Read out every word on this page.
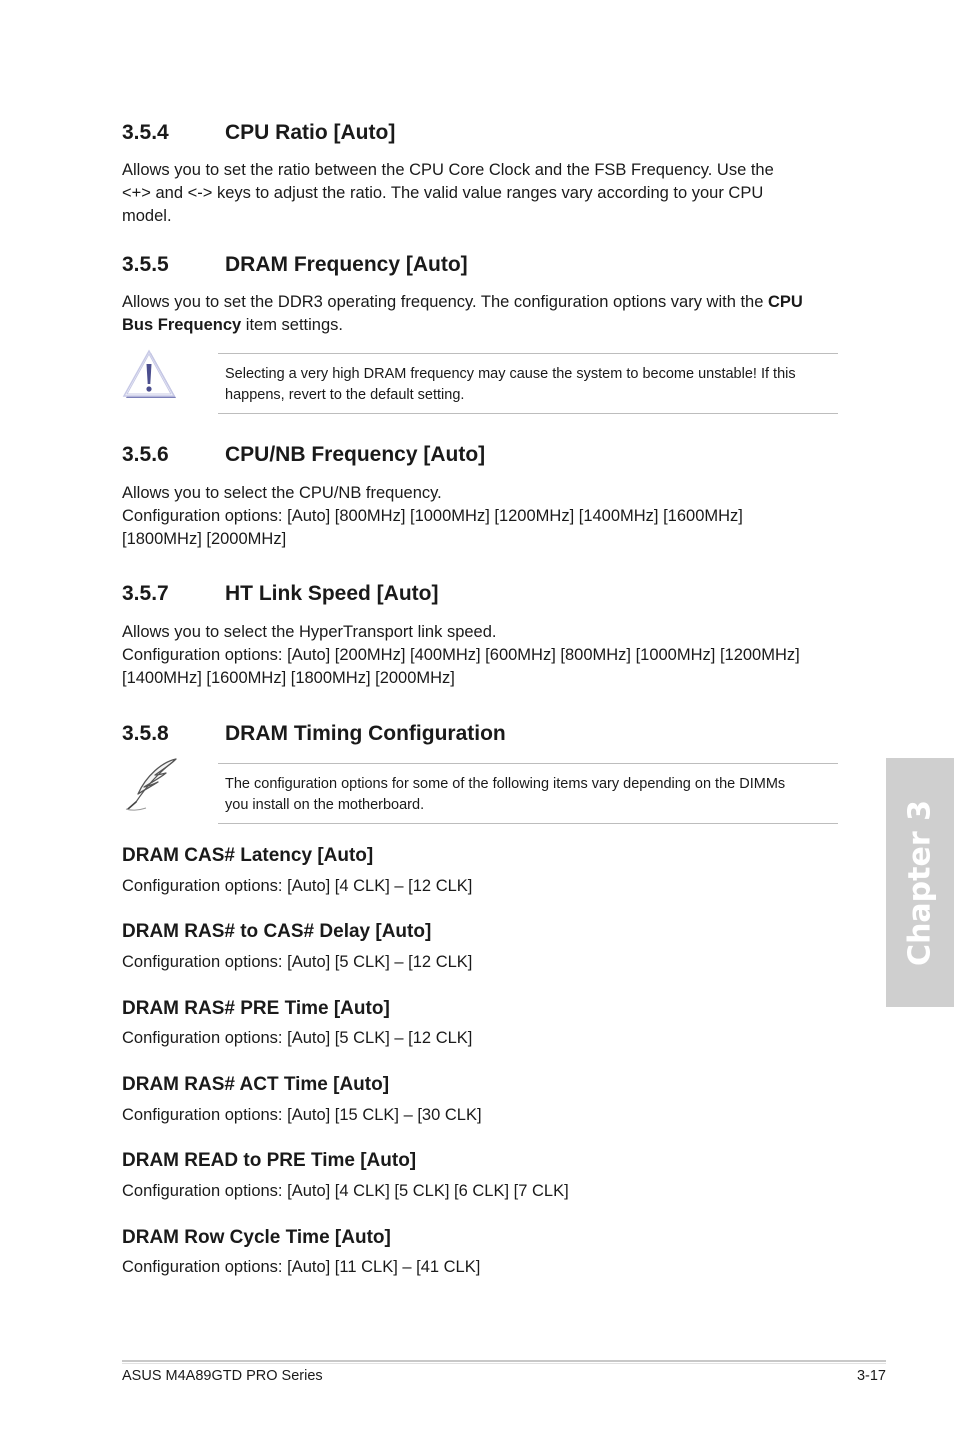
3.5.4	CPU Ratio [Auto]
Allows you to set the ratio between the CPU Core Clock and the FSB Frequency. Use the
<+> and <-> keys to adjust the ratio. The valid value ranges vary according to your CPU
model.
3.5.5	DRAM Frequency [Auto]
Allows you to set the DDR3 operating frequency. The configuration options vary with the CPU
Bus Frequency item settings.
Selecting a very high DRAM frequency may cause the system to become unstable! If this
happens, revert to the default setting.
3.5.6	CPU/NB Frequency [Auto]
Allows you to select the CPU/NB frequency.
Configuration options: [Auto] [800MHz] [1000MHz] [1200MHz] [1400MHz] [1600MHz]
[1800MHz] [2000MHz]
3.5.7	HT Link Speed [Auto]
Allows you to select the HyperTransport link speed.
Configuration options: [Auto] [200MHz] [400MHz] [600MHz] [800MHz] [1000MHz] [1200MHz]
[1400MHz] [1600MHz] [1800MHz] [2000MHz]
3.5.8	DRAM Timing Configuration
The configuration options for some of the following items vary depending on the DIMMs
you install on the motherboard.
DRAM CAS# Latency [Auto]
Configuration options: [Auto] [4 CLK] – [12 CLK]
DRAM RAS# to CAS# Delay [Auto]
Configuration options: [Auto] [5 CLK] – [12 CLK]
DRAM RAS# PRE Time [Auto]
Configuration options: [Auto] [5 CLK] – [12 CLK]
DRAM RAS# ACT Time [Auto]
Configuration options: [Auto] [15 CLK] – [30 CLK]
DRAM READ to PRE Time [Auto]
Configuration options: [Auto] [4 CLK] [5 CLK] [6 CLK] [7 CLK]
DRAM Row Cycle Time [Auto]
Configuration options: [Auto] [11 CLK] – [41 CLK]
Chapter 3
ASUS M4A89GTD PRO Series	3-17
